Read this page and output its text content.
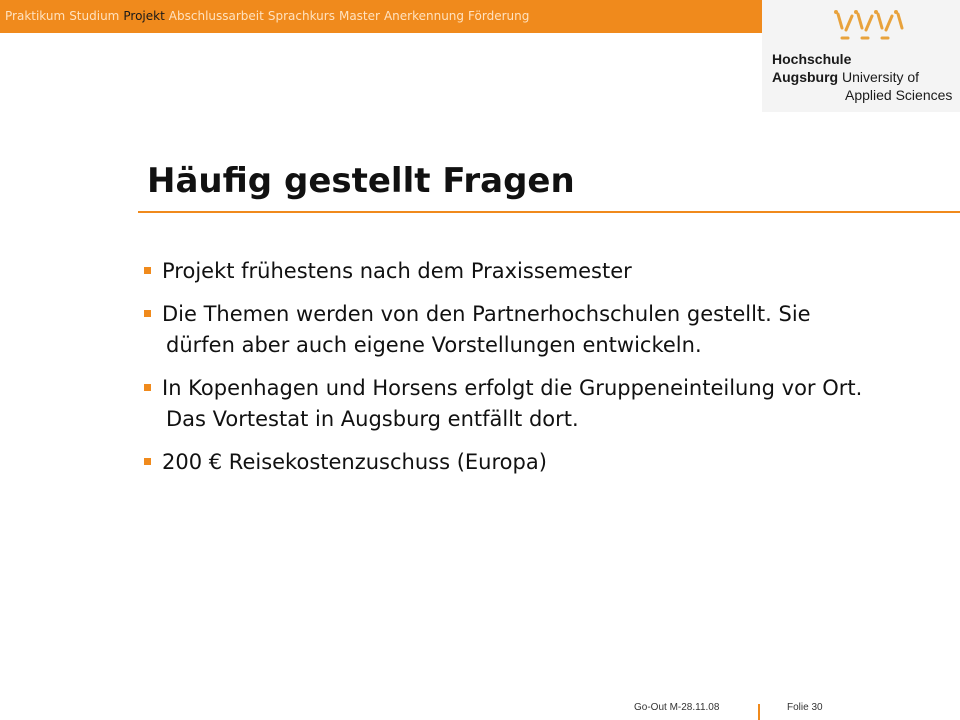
Praktikum Studium Projekt Abschlussarbeit Sprachkurs Master Anerkennung Förderung
Hochschule
Augsburg University of
Applied Sciences
Häufig gestellt Fragen
Projekt frühestens nach dem Praxissemester
Die Themen werden von den Partnerhochschulen gestellt. Sie
dürfen aber auch eigene Vorstellungen entwickeln.
In Kopenhagen und Horsens erfolgt die Gruppeneinteilung vor Ort.
Das Vortestat in Augsburg entfällt dort.
200 € Reisekostenzuschuss (Europa)
Go-Out M-28.11.08	Folie 30
